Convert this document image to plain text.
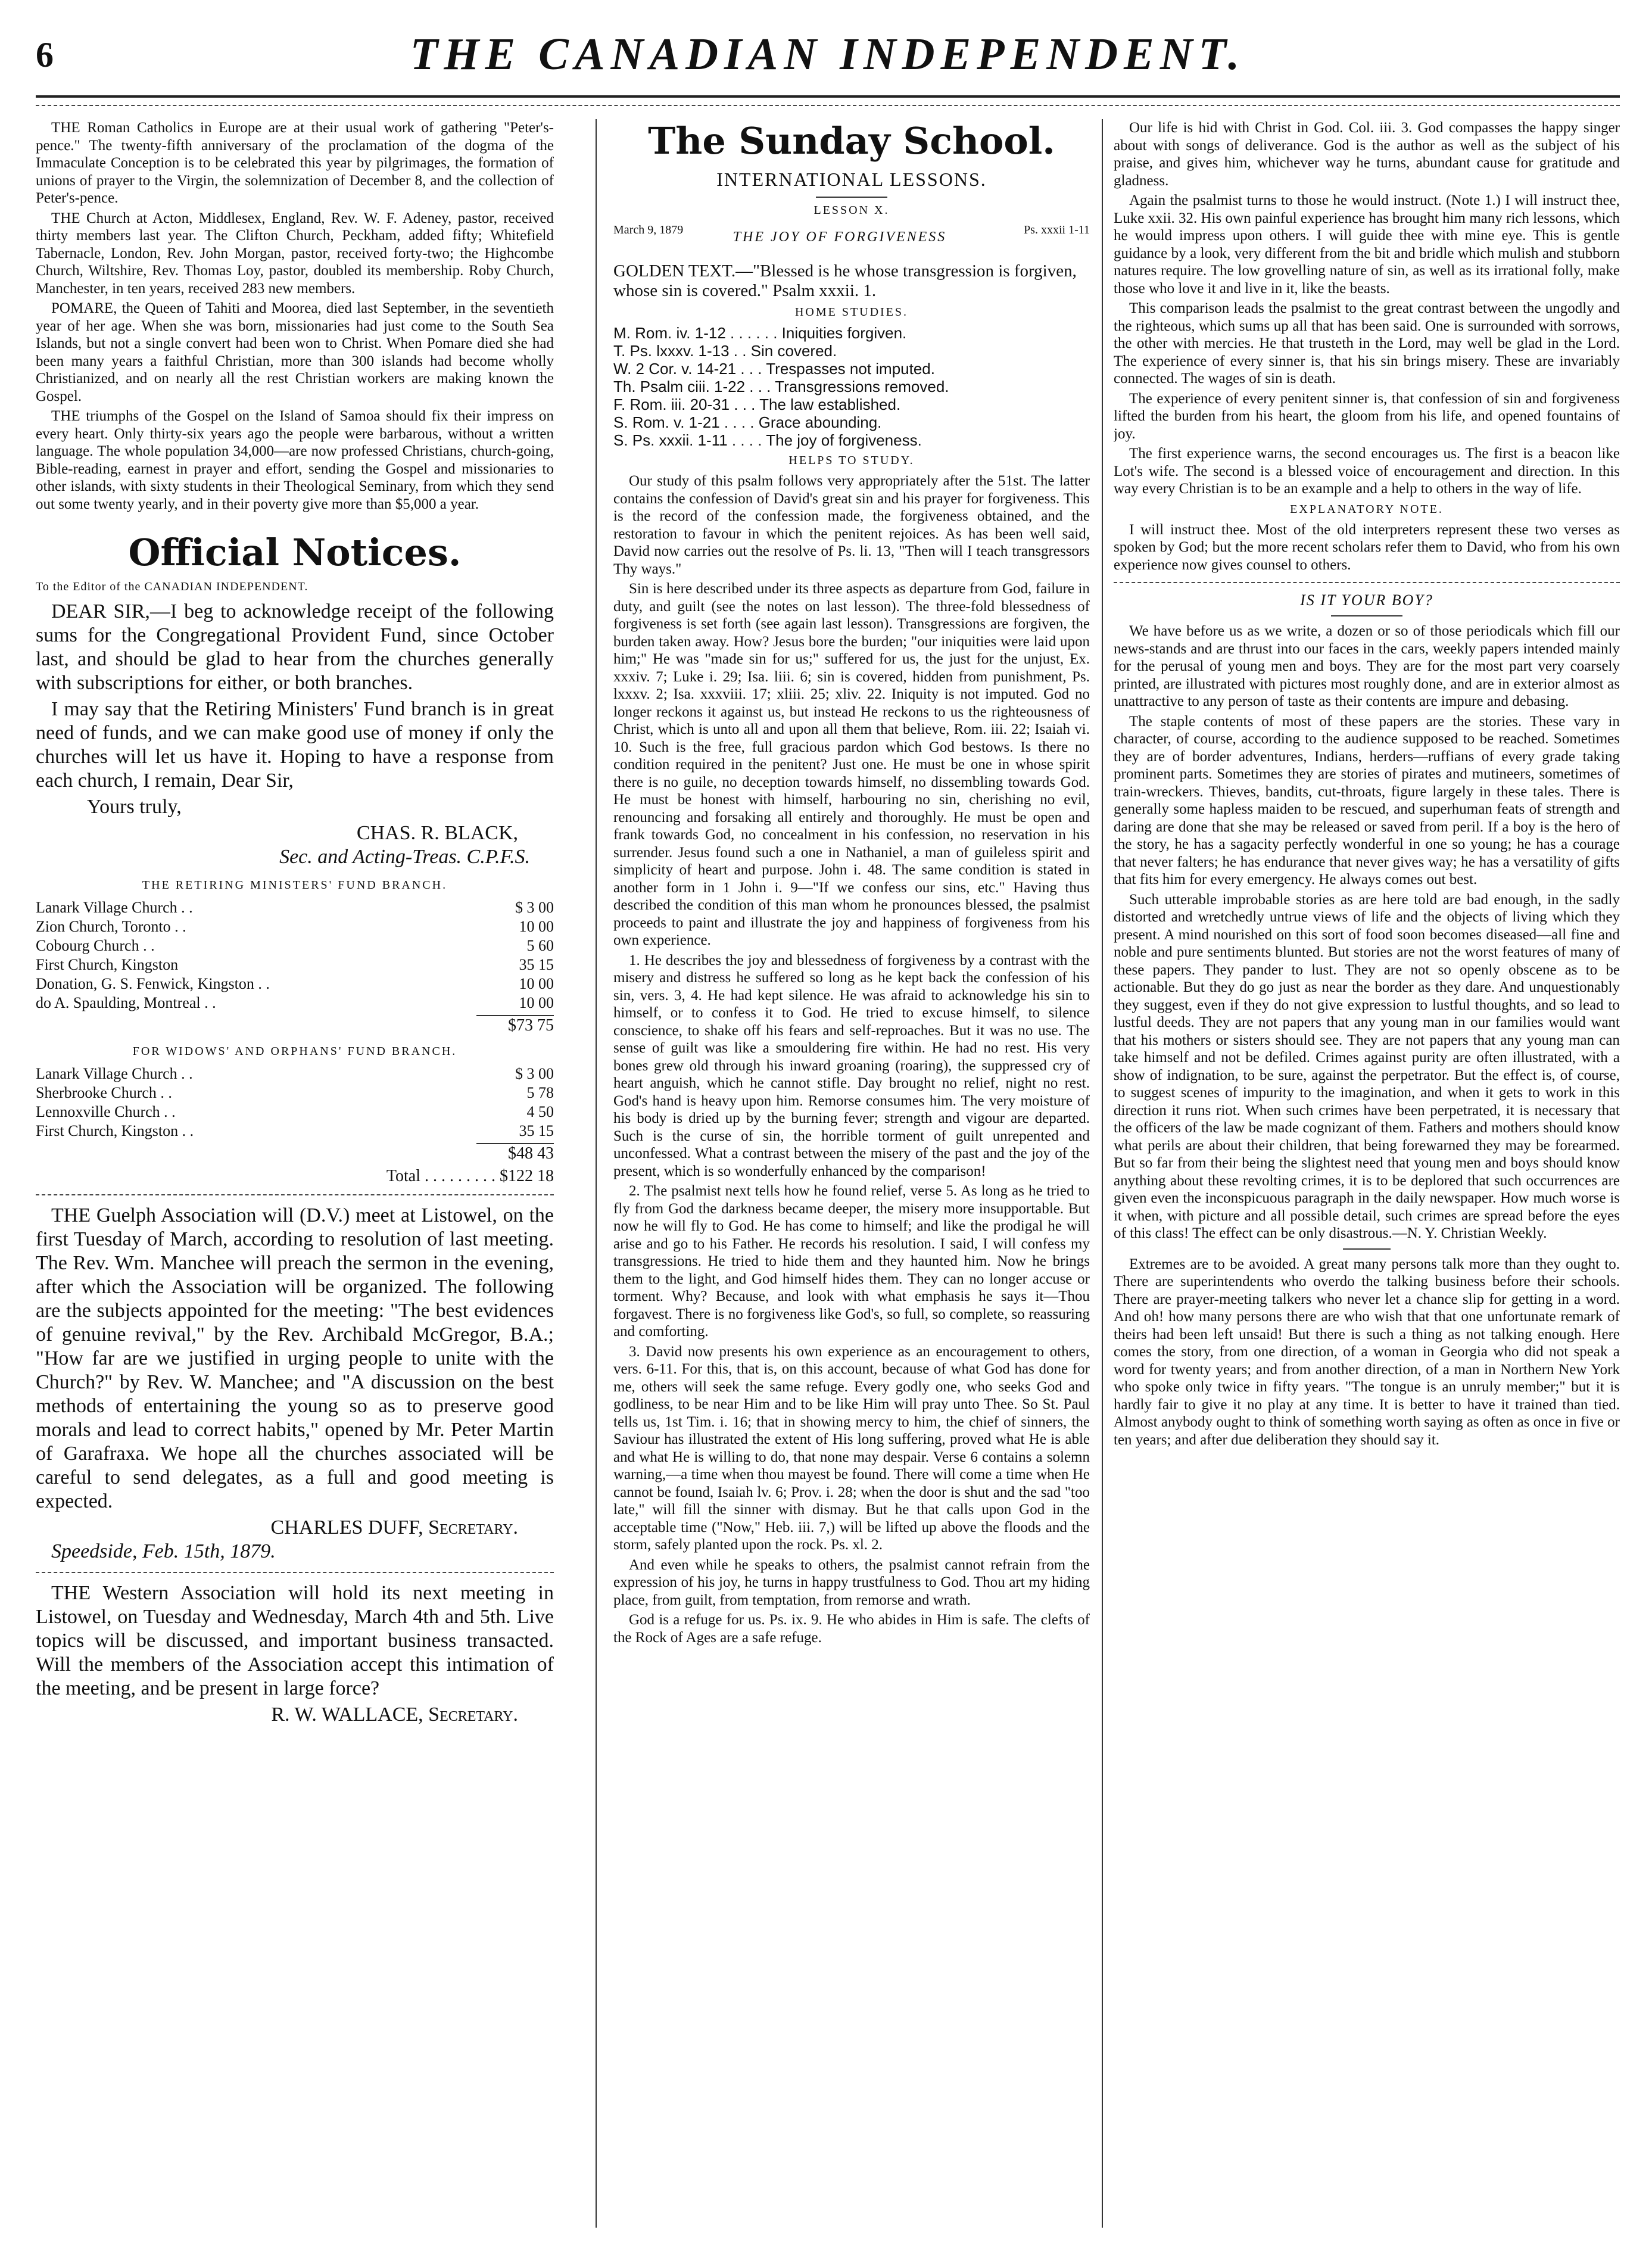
6	THE CANADIAN INDEPENDENT.

THE Roman Catholics in Europe are at their usual work of gathering "Peter's-pence." The twenty-fifth anniversary of the proclamation of the dogma of the Immaculate Conception is to be celebrated this year by pilgrimages, the formation of unions of prayer to the Virgin, the solemnization of December 8, and the collection of Peter's-pence.

THE Church at Acton, Middlesex, England, Rev. W. F. Adeney, pastor, received thirty members last year. The Clifton Church, Peckham, added fifty; Whitefield Tabernacle, London, Rev. John Morgan, pastor, received forty-two; the Highcombe Church, Wiltshire, Rev. Thomas Loy, pastor, doubled its membership. Roby Church, Manchester, in ten years, received 283 new members.

POMARE, the Queen of Tahiti and Moorea, died last September, in the seventieth year of her age. When she was born, missionaries had just come to the South Sea Islands, but not a single convert had been won to Christ. When Pomare died she had been many years a faithful Christian, more than 300 islands had become wholly Christianized, and on nearly all the rest Christian workers are making known the Gospel.

THE triumphs of the Gospel on the Island of Samoa should fix their impress on every heart. Only thirty-six years ago the people were barbarous, without a written language. The whole population 34,000—are now professed Christians, church-going, Bible-reading, earnest in prayer and effort, sending the Gospel and missionaries to other islands, with sixty students in their Theological Seminary, from which they send out some twenty yearly, and in their poverty give more than $5,000 a year.

Official Notices.
To the Editor of the CANADIAN INDEPENDENT.

DEAR SIR,—I beg to acknowledge receipt of the following sums for the Congregational Provident Fund, since October last, and should be glad to hear from the churches generally with subscriptions for either, or both branches.

I may say that the Retiring Ministers' Fund branch is in great need of funds, and we can make good use of money if only the churches will let us have it. Hoping to have a response from each church, I remain, Dear Sir,

Yours truly,

CHAS. R. BLACK,
Sec. and Acting-Treas. C.P.F.S.
THE RETIRING MINISTERS' FUND BRANCH.
Lanark Village Church . .	$ 3 00
Zion Church, Toronto . .	10 00
Cobourg Church . .	5 60
First Church, Kingston	35 15
Donation, G. S. Fenwick, Kingston . .	10 00
do A. Spaulding, Montreal . .	10 00
$73 75
FOR WIDOWS' AND ORPHANS' FUND BRANCH.
Lanark Village Church . .	$ 3 00
Sherbrooke Church . .	5 78
Lennoxville Church . .	4 50
First Church, Kingston . .	35 15
$48 43
Total . . . . . . . . . $122 18

THE Guelph Association will (D.V.) meet at Listowel, on the first Tuesday of March, according to resolution of last meeting. The Rev. Wm. Manchee will preach the sermon in the evening, after which the Association will be organized. The following are the subjects appointed for the meeting: "The best evidences of genuine revival," by the Rev. Archibald McGregor, B.A.; "How far are we justified in urging people to unite with the Church?" by Rev. W. Manchee; and "A discussion on the best methods of entertaining the young so as to preserve good morals and lead to correct habits," opened by Mr. Peter Martin of Garafraxa. We hope all the churches associated will be careful to send delegates, as a full and good meeting is expected.

CHARLES DUFF, Secretary.

Speedside, Feb. 15th, 1879.

THE Western Association will hold its next meeting in Listowel, on Tuesday and Wednesday, March 4th and 5th. Live topics will be discussed, and important business transacted. Will the members of the Association accept this intimation of the meeting, and be present in large force?

R. W. WALLACE, Secretary.
The Sunday School.
INTERNATIONAL LESSONS.
LESSON X.
March 9, 1879	THE JOY OF FORGIVENESS	Ps. xxxii 1-11
GOLDEN TEXT.—"Blessed is he whose transgression is forgiven, whose sin is covered." Psalm xxxii. 1.
HOME STUDIES.
M. Rom. iv. 1-12 . . . . . . Iniquities forgiven.
T. Ps. lxxxv. 1-13 . . Sin covered.
W. 2 Cor. v. 14-21 . . . Trespasses not imputed.
Th. Psalm ciii. 1-22 . . . Transgressions removed.
F. Rom. iii. 20-31 . . . The law established.
S. Rom. v. 1-21 . . . . Grace abounding.
S. Ps. xxxii. 1-11 . . . . The joy of forgiveness.
HELPS TO STUDY.

Our study of this psalm follows very appropriately after the 51st. The latter contains the confession of David's great sin and his prayer for forgiveness. This is the record of the confession made, the forgiveness obtained, and the restoration to favour in which the penitent rejoices. As has been well said, David now carries out the resolve of Ps. li. 13, "Then will I teach transgressors Thy ways."

Sin is here described under its three aspects as departure from God, failure in duty, and guilt (see the notes on last lesson). The three-fold blessedness of forgiveness is set forth (see again last lesson). Transgressions are forgiven, the burden taken away. How? Jesus bore the burden; "our iniquities were laid upon him;" He was "made sin for us;" suffered for us, the just for the unjust, Ex. xxxiv. 7; Luke i. 29; Isa. liii. 6; sin is covered, hidden from punishment, Ps. lxxxv. 2; Isa. xxxviii. 17; xliii. 25; xliv. 22. Iniquity is not imputed. God no longer reckons it against us, but instead He reckons to us the righteousness of Christ, which is unto all and upon all them that believe, Rom. iii. 22; Isaiah vi. 10. Such is the free, full gracious pardon which God bestows. Is there no condition required in the penitent? Just one. He must be one in whose spirit there is no guile, no deception towards himself, no dissembling towards God. He must be honest with himself, harbouring no sin, cherishing no evil, renouncing and forsaking all entirely and thoroughly. He must be open and frank towards God, no concealment in his confession, no reservation in his surrender. Jesus found such a one in Nathaniel, a man of guileless spirit and simplicity of heart and purpose. John i. 48. The same condition is stated in another form in 1 John i. 9—"If we confess our sins, etc." Having thus described the condition of this man whom he pronounces blessed, the psalmist proceeds to paint and illustrate the joy and happiness of forgiveness from his own experience.

1. He describes the joy and blessedness of forgiveness by a contrast with the misery and distress he suffered so long as he kept back the confession of his sin, vers. 3, 4. He had kept silence. He was afraid to acknowledge his sin to himself, or to confess it to God. He tried to excuse himself, to silence conscience, to shake off his fears and self-reproaches. But it was no use. The sense of guilt was like a smouldering fire within. He had no rest. His very bones grew old through his inward groaning (roaring), the suppressed cry of heart anguish, which he cannot stifle. Day brought no relief, night no rest. God's hand is heavy upon him. Remorse consumes him. The very moisture of his body is dried up by the burning fever; strength and vigour are departed. Such is the curse of sin, the horrible torment of guilt unrepented and unconfessed. What a contrast between the misery of the past and the joy of the present, which is so wonderfully enhanced by the comparison!

2. The psalmist next tells how he found relief, verse 5. As long as he tried to fly from God the darkness became deeper, the misery more insupportable. But now he will fly to God. He has come to himself; and like the prodigal he will arise and go to his Father. He records his resolution. I said, I will confess my transgressions. He tried to hide them and they haunted him. Now he brings them to the light, and God himself hides them. They can no longer accuse or torment. Why? Because, and look with what emphasis he says it—Thou forgavest. There is no forgiveness like God's, so full, so complete, so reassuring and comforting.

3. David now presents his own experience as an encouragement to others, vers. 6-11. For this, that is, on this account, because of what God has done for me, others will seek the same refuge. Every godly one, who seeks God and godliness, to be near Him and to be like Him will pray unto Thee. So St. Paul tells us, 1st Tim. i. 16; that in showing mercy to him, the chief of sinners, the Saviour has illustrated the extent of His long suffering, proved what He is able and what He is willing to do, that none may despair. Verse 6 contains a solemn warning,—a time when thou mayest be found. There will come a time when He cannot be found, Isaiah lv. 6; Prov. i. 28; when the door is shut and the sad "too late," will fill the sinner with dismay. But he that calls upon God in the acceptable time ("Now," Heb. iii. 7,) will be lifted up above the floods and the storm, safely planted upon the rock. Ps. xl. 2.

And even while he speaks to others, the psalmist cannot refrain from the expression of his joy, he turns in happy trustfulness to God. Thou art my hiding place, from guilt, from temptation, from remorse and wrath.

God is a refuge for us. Ps. ix. 9. He who abides in Him is safe. The clefts of the Rock of Ages are a safe refuge.

Our life is hid with Christ in God. Col. iii. 3. God compasses the happy singer about with songs of deliverance. God is the author as well as the subject of his praise, and gives him, whichever way he turns, abundant cause for gratitude and gladness.

Again the psalmist turns to those he would instruct. (Note 1.) I will instruct thee, Luke xxii. 32. His own painful experience has brought him many rich lessons, which he would impress upon others. I will guide thee with mine eye. This is gentle guidance by a look, very different from the bit and bridle which mulish and stubborn natures require. The low grovelling nature of sin, as well as its irrational folly, make those who love it and live in it, like the beasts.

This comparison leads the psalmist to the great contrast between the ungodly and the righteous, which sums up all that has been said. One is surrounded with sorrows, the other with mercies. He that trusteth in the Lord, may well be glad in the Lord. The experience of every sinner is, that his sin brings misery. These are invariably connected. The wages of sin is death.

The experience of every penitent sinner is, that confession of sin and forgiveness lifted the burden from his heart, the gloom from his life, and opened fountains of joy.

The first experience warns, the second encourages us. The first is a beacon like Lot's wife. The second is a blessed voice of encouragement and direction. In this way every Christian is to be an example and a help to others in the way of life.

EXPLANATORY NOTE.

I will instruct thee. Most of the old interpreters represent these two verses as spoken by God; but the more recent scholars refer them to David, who from his own experience now gives counsel to others.

IS IT YOUR BOY?

We have before us as we write, a dozen or so of those periodicals which fill our news-stands and are thrust into our faces in the cars, weekly papers intended mainly for the perusal of young men and boys. They are for the most part very coarsely printed, are illustrated with pictures most roughly done, and are in exterior almost as unattractive to any person of taste as their contents are impure and debasing.

The staple contents of most of these papers are the stories. These vary in character, of course, according to the audience supposed to be reached. Sometimes they are of border adventures, Indians, herders—ruffians of every grade taking prominent parts. Sometimes they are stories of pirates and mutineers, sometimes of train-wreckers. Thieves, bandits, cut-throats, figure largely in these tales. There is generally some hapless maiden to be rescued, and superhuman feats of strength and daring are done that she may be released or saved from peril. If a boy is the hero of the story, he has a sagacity perfectly wonderful in one so young; he has a courage that never falters; he has endurance that never gives way; he has a versatility of gifts that fits him for every emergency. He always comes out best.

Such utterable improbable stories as are here told are bad enough, in the sadly distorted and wretchedly untrue views of life and the objects of living which they present. A mind nourished on this sort of food soon becomes diseased—all fine and noble and pure sentiments blunted. But stories are not the worst features of many of these papers. They pander to lust. They are not so openly obscene as to be actionable. But they do go just as near the border as they dare. And unquestionably they suggest, even if they do not give expression to lustful thoughts, and so lead to lustful deeds. They are not papers that any young man in our families would want that his mothers or sisters should see. They are not papers that any young man can take himself and not be defiled. Crimes against purity are often illustrated, with a show of indignation, to be sure, against the perpetrator. But the effect is, of course, to suggest scenes of impurity to the imagination, and when it gets to work in this direction it runs riot. When such crimes have been perpetrated, it is necessary that the officers of the law be made cognizant of them. Fathers and mothers should know what perils are about their children, that being forewarned they may be forearmed. But so far from their being the slightest need that young men and boys should know anything about these revolting crimes, it is to be deplored that such occurrences are given even the inconspicuous paragraph in the daily newspaper. How much worse is it when, with picture and all possible detail, such crimes are spread before the eyes of this class! The effect can be only disastrous.—N. Y. Christian Weekly.

Extremes are to be avoided. A great many persons talk more than they ought to. There are superintendents who overdo the talking business before their schools. There are prayer-meeting talkers who never let a chance slip for getting in a word. And oh! how many persons there are who wish that that one unfortunate remark of theirs had been left unsaid! But there is such a thing as not talking enough. Here comes the story, from one direction, of a woman in Georgia who did not speak a word for twenty years; and from another direction, of a man in Northern New York who spoke only twice in fifty years. "The tongue is an unruly member;" but it is hardly fair to give it no play at any time. It is better to have it trained than tied. Almost anybody ought to think of something worth saying as often as once in five or ten years; and after due deliberation they should say it.
